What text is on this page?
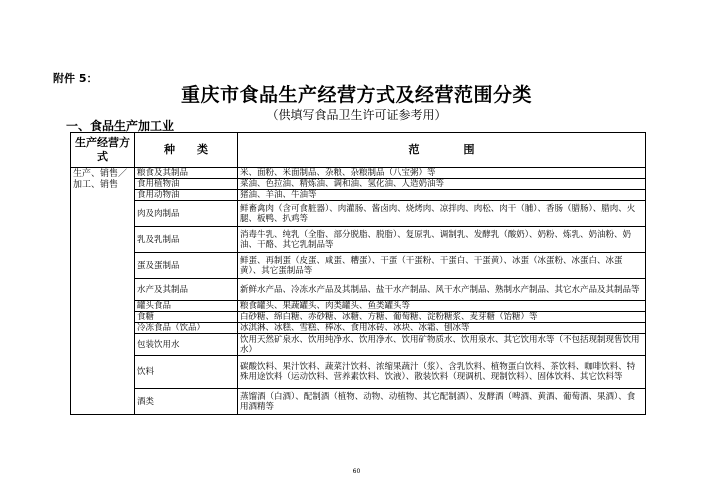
附件 5：
重庆市食品生产经营方式及经营范围分类
（供填写食品卫生许可证参考用）
一、食品生产加工业
生产经营方式	种　　类	范　　　　围
生产、销售／加工、销售	粮食及其制品	米、面粉、米面制品、杂粮、杂粮制品（八宝粥）等
	食用植物油	菜油、色拉油、精炼油、调和油、氢化油、人造奶油等
	食用动物油	猪油、羊油、牛油等
	肉及肉制品	鲜畜禽肉（含可食脏器）、肉灌肠、酱卤肉、烧烤肉、凉拌肉、肉松、肉干（脯）、香肠（腊肠）、腊肉、火腿、板鸭、扒鸡等
	乳及乳制品	消毒牛乳、纯乳（全脂、部分脱脂、脱脂）、复原乳、调制乳、发酵乳（酸奶）、奶粉、炼乳、奶油粉、奶油、干酪、其它乳制品等
	蛋及蛋制品	鲜蛋、再制蛋（皮蛋、咸蛋、糟蛋）、干蛋（干蛋粉、干蛋白、干蛋黄）、冰蛋（冰蛋粉、冰蛋白、冰蛋黄）、其它蛋制品等
	水产及其制品	新鲜水产品、冷冻水产品及其制品、盐干水产制品、风干水产制品、熟制水产制品、其它水产品及其制品等
	罐头食品	粮食罐头、果蔬罐头、肉类罐头、鱼类罐头等
	食糖	白砂糖、绵白糖、赤砂糖、冰糖、方糖、葡萄糖、淀粉糖浆、麦芽糖（饴糖）等
	冷冻食品（饮品）	冰淇淋、冰糕、雪糕、棒冰、食用冰砖、冰块、冰霜、刨冰等
	包装饮用水	饮用天然矿泉水、饮用纯净水、饮用净水、饮用矿物质水、饮用泉水、其它饮用水等（不包括现制现售饮用水）
	饮料	碳酸饮料、果汁饮料、蔬菜汁饮料、浓缩果蔬汁（浆）、含乳饮料、植物蛋白饮料、茶饮料、咖啡饮料、特殊用途饮料（运动饮料、营养素饮料、饮液）、散装饮料（现调机、现制饮料）、固体饮料、其它饮料等
	酒类	蒸馏酒（白酒）、配制酒（植物、动物、动植物、其它配制酒）、发酵酒（啤酒、黄酒、葡萄酒、果酒）、食用酒精等
60
